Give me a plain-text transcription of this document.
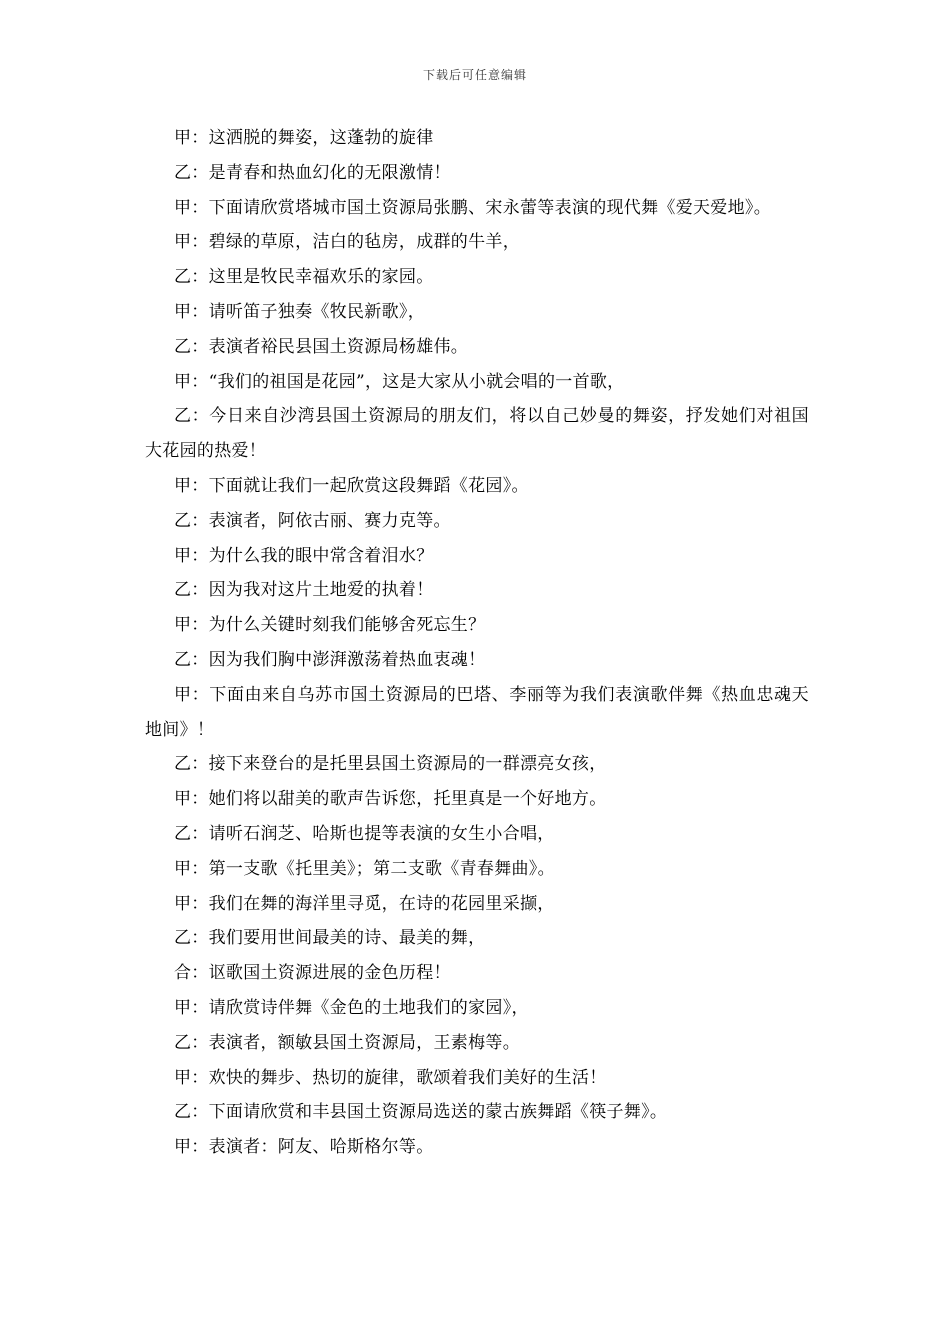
下载后可任意编辑

甲：这洒脱的舞姿，这蓬勃的旋律

乙：是青春和热血幻化的无限激情！

甲：下面请欣赏塔城市国土资源局张鹏、宋永蕾等表演的现代舞《爱天爱地》。

甲：碧绿的草原，洁白的毡房，成群的牛羊，

乙：这里是牧民幸福欢乐的家园。

甲：请听笛子独奏《牧民新歌》，

乙：表演者裕民县国土资源局杨雄伟。

甲：“我们的祖国是花园”，这是大家从小就会唱的一首歌，

乙：今日来自沙湾县国土资源局的朋友们，将以自己妙曼的舞姿，抒发她们对祖国大花园的热爱！

甲：下面就让我们一起欣赏这段舞蹈《花园》。

乙：表演者，阿依古丽、赛力克等。

甲：为什么我的眼中常含着泪水？

乙：因为我对这片土地爱的执着！

甲：为什么关键时刻我们能够舍死忘生？

乙：因为我们胸中澎湃激荡着热血衷魂！

甲：下面由来自乌苏市国土资源局的巴塔、李丽等为我们表演歌伴舞《热血忠魂天地间》！

乙：接下来登台的是托里县国土资源局的一群漂亮女孩，

甲：她们将以甜美的歌声告诉您，托里真是一个好地方。

乙：请听石润芝、哈斯也提等表演的女生小合唱，

甲：第一支歌《托里美》；第二支歌《青春舞曲》。

甲：我们在舞的海洋里寻觅，在诗的花园里采撷，

乙：我们要用世间最美的诗、最美的舞，

合：讴歌国土资源进展的金色历程！

甲：请欣赏诗伴舞《金色的土地我们的家园》，

乙：表演者，额敏县国土资源局，王素梅等。

甲：欢快的舞步、热切的旋律，歌颂着我们美好的生活！

乙：下面请欣赏和丰县国土资源局选送的蒙古族舞蹈《筷子舞》。

甲：表演者：阿友、哈斯格尔等。
